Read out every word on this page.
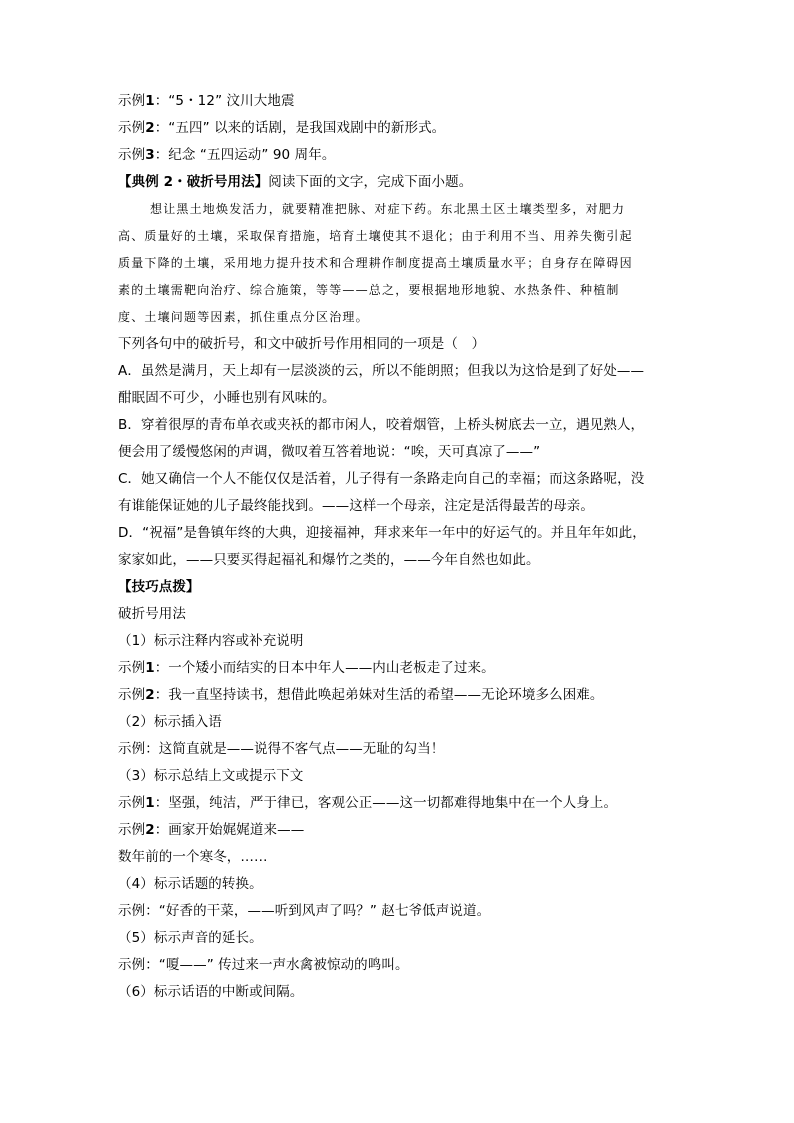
示例1：“5・12” 汶川大地震
示例2：“五四” 以来的话剧，是我国戏剧中的新形式。
示例3：纪念 “五四运动” 90 周年。
【典例 2・破折号用法】阅读下面的文字，完成下面小题。
想让黑土地焕发活力，就要精准把脉、对症下药。东北黑土区土壤类型多，对肥力
高、质量好的土壤，采取保育措施，培育土壤使其不退化；由于利用不当、用养失衡引起
质量下降的土壤，采用地力提升技术和合理耕作制度提高土壤质量水平；自身存在障碍因
素的土壤需靶向治疗、综合施策，等等——总之，要根据地形地貌、水热条件、种植制
度、土壤问题等因素，抓住重点分区治理。
下列各句中的破折号，和文中破折号作用相同的一项是（　）
A．虽然是满月，天上却有一层淡淡的云，所以不能朗照；但我以为这恰是到了好处——
酣眠固不可少，小睡也别有风味的。
B．穿着很厚的青布单衣或夹袄的都市闲人，咬着烟管，上桥头树底去一立，遇见熟人，
便会用了缓慢悠闲的声调，微叹着互答着地说：“唉，天可真凉了——”
C．她又确信一个人不能仅仅是活着，儿子得有一条路走向自己的幸福；而这条路呢，没
有谁能保证她的儿子最终能找到。——这样一个母亲，注定是活得最苦的母亲。
D．“祝福”是鲁镇年终的大典，迎接福神，拜求来年一年中的好运气的。并且年年如此，
家家如此，——只要买得起福礼和爆竹之类的，——今年自然也如此。
【技巧点拨】
破折号用法
（1）标示注释内容或补充说明
示例1：一个矮小而结实的日本中年人——内山老板走了过来。
示例2：我一直坚持读书，想借此唤起弟妹对生活的希望——无论环境多么困难。
（2）标示插入语
示例：这简直就是——说得不客气点——无耻的勾当！
（3）标示总结上文或提示下文
示例1：坚强，纯洁，严于律已，客观公正——这一切都难得地集中在一个人身上。
示例2：画家开始娓娓道来——
数年前的一个寒冬，……
（4）标示话题的转换。
示例：“好香的干菜，——听到风声了吗？” 赵七爷低声说道。
（5）标示声音的延长。
示例：“嗄——” 传过来一声水禽被惊动的鸣叫。
（6）标示话语的中断或间隔。
